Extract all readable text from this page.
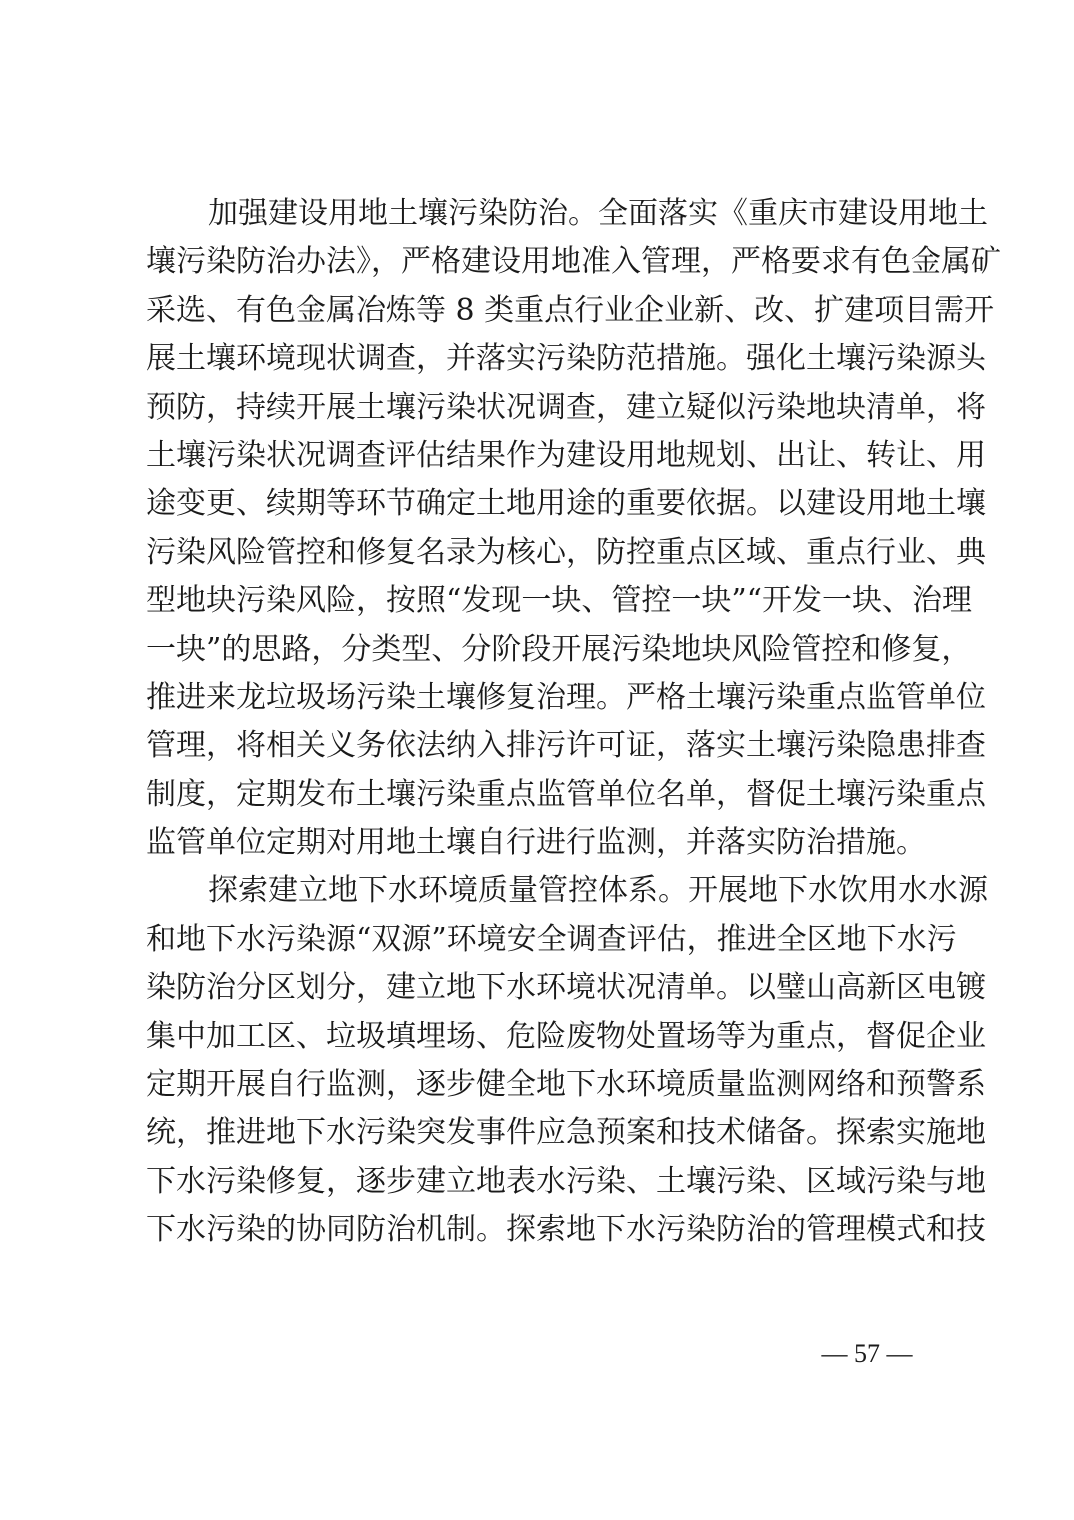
加强建设用地土壤污染防治。全面落实《重庆市建设用地土
壤污染防治办法》，严格建设用地准入管理，严格要求有色金属矿
采选、有色金属冶炼等 8 类重点行业企业新、改、扩建项目需开
展土壤环境现状调查，并落实污染防范措施。强化土壤污染源头
预防，持续开展土壤污染状况调查，建立疑似污染地块清单，将
土壤污染状况调查评估结果作为建设用地规划、出让、转让、用
途变更、续期等环节确定土地用途的重要依据。以建设用地土壤
污染风险管控和修复名录为核心，防控重点区域、重点行业、典
型地块污染风险，按照“发现一块、管控一块”“开发一块、治理
一块”的思路，分类型、分阶段开展污染地块风险管控和修复，
推进来龙垃圾场污染土壤修复治理。严格土壤污染重点监管单位
管理，将相关义务依法纳入排污许可证，落实土壤污染隐患排查
制度，定期发布土壤污染重点监管单位名单，督促土壤污染重点
监管单位定期对用地土壤自行进行监测，并落实防治措施。
探索建立地下水环境质量管控体系。开展地下水饮用水水源
和地下水污染源“双源”环境安全调查评估，推进全区地下水污
染防治分区划分，建立地下水环境状况清单。以璧山高新区电镀
集中加工区、垃圾填埋场、危险废物处置场等为重点，督促企业
定期开展自行监测，逐步健全地下水环境质量监测网络和预警系
统，推进地下水污染突发事件应急预案和技术储备。探索实施地
下水污染修复，逐步建立地表水污染、土壤污染、区域污染与地
下水污染的协同防治机制。探索地下水污染防治的管理模式和技
— 57 —
